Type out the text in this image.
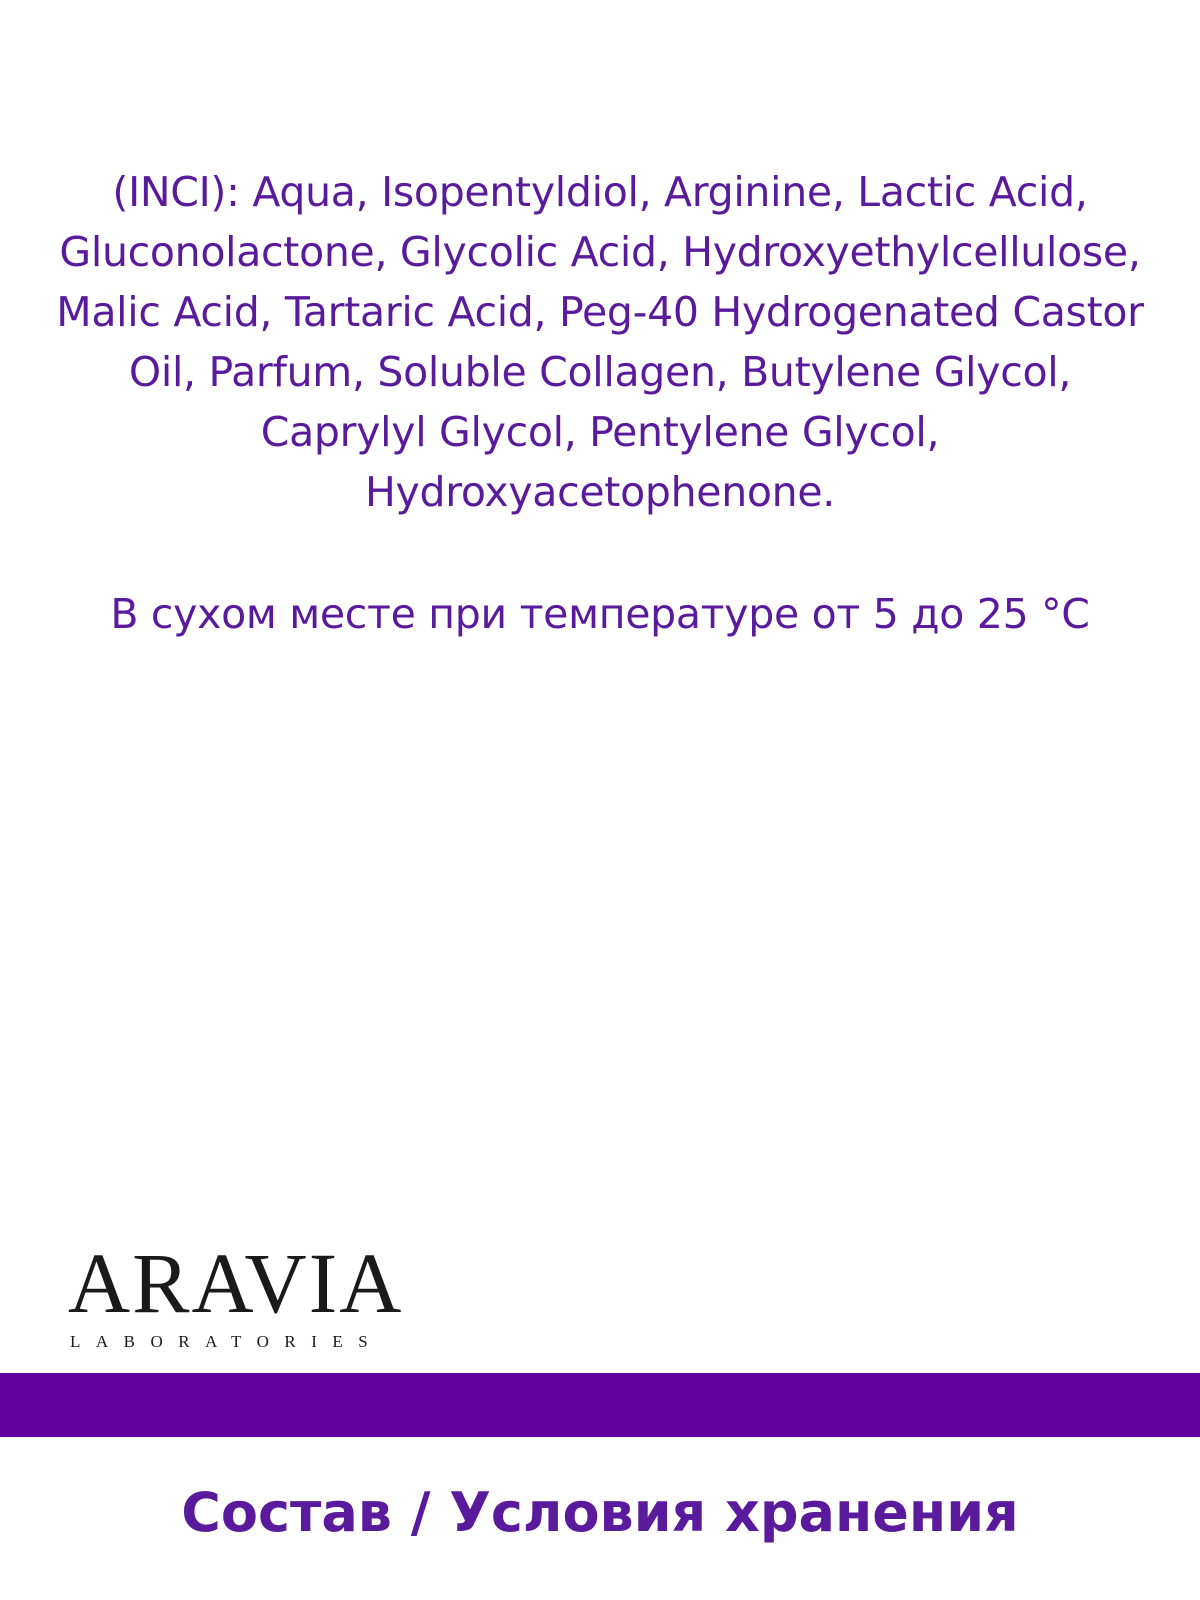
(INCI): Aqua, Isopentyldiol, Arginine, Lactic Acid, Gluconolactone, Glycolic Acid, Hydroxyethylcellulose, Malic Acid, Tartaric Acid, Peg-40 Hydrogenated Castor Oil, Parfum, Soluble Collagen, Butylene Glycol, Caprylyl Glycol, Pentylene Glycol, Hydroxyacetophenone.

В сухом месте при температуре от 5 до 25 °С

ARAVIA
LABORATORIES
Состав / Условия хранения
